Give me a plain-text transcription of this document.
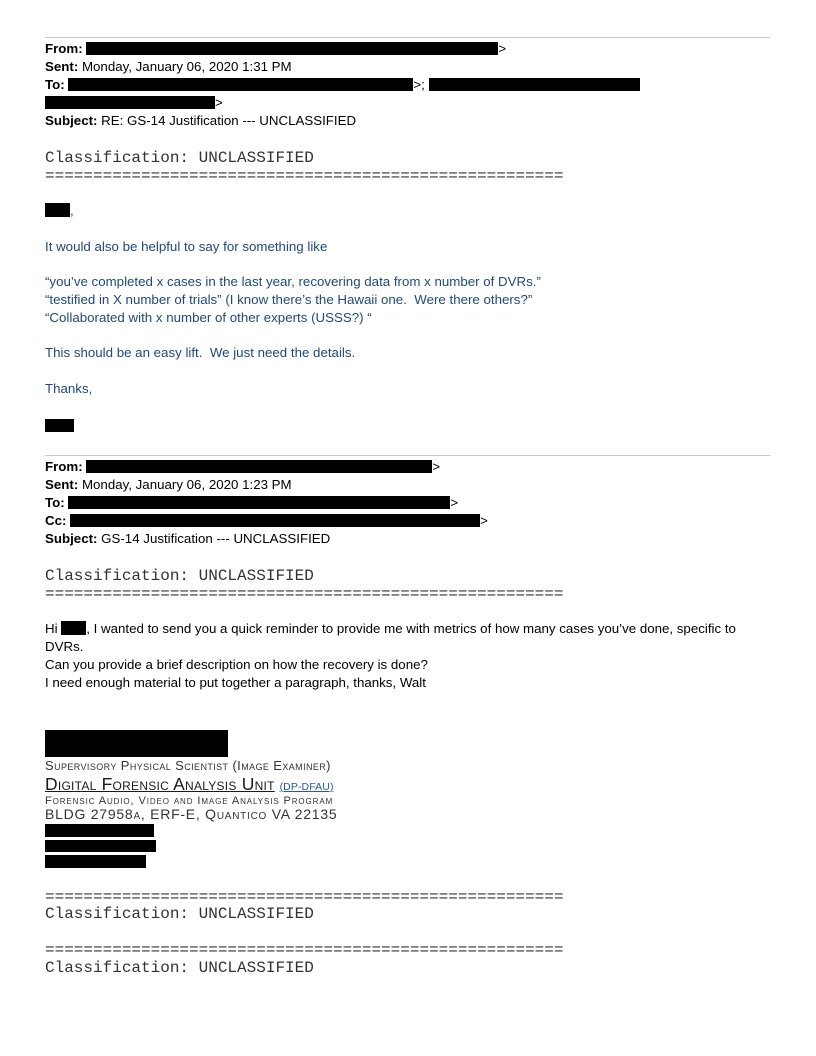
From:	>
Sent: Monday, January 06, 2020 1:31 PM
To:	>;
>
Subject: RE: GS-14 Justification --- UNCLASSIFIED
Classification: UNCLASSIFIED
======================================================
,
It would also be helpful to say for something like
“you’ve completed x cases in the last year, recovering data from x number of DVRs.”
“testified in X number of trials” (I know there’s the Hawaii one.  Were there others?”
“Collaborated with x number of other experts (USSS?) “
This should be an easy lift.  We just need the details.
Thanks,
From:	>
Sent: Monday, January 06, 2020 1:23 PM
To:	>
Cc:	>
Subject: GS-14 Justification --- UNCLASSIFIED
Classification: UNCLASSIFIED
======================================================
Hi , I wanted to send you a quick reminder to provide me with metrics of how many cases you’ve done, specific to
DVRs.
Can you provide a brief description on how the recovery is done?
I need enough material to put together a paragraph, thanks, Walt
Supervisory Physical Scientist (Image Examiner)
Digital Forensic Analysis Unit (DP-DFAU)
Forensic Audio, Video and Image Analysis Program
BLDG 27958a, ERF-E, Quantico VA 22135
======================================================
Classification: UNCLASSIFIED
======================================================
Classification: UNCLASSIFIED
